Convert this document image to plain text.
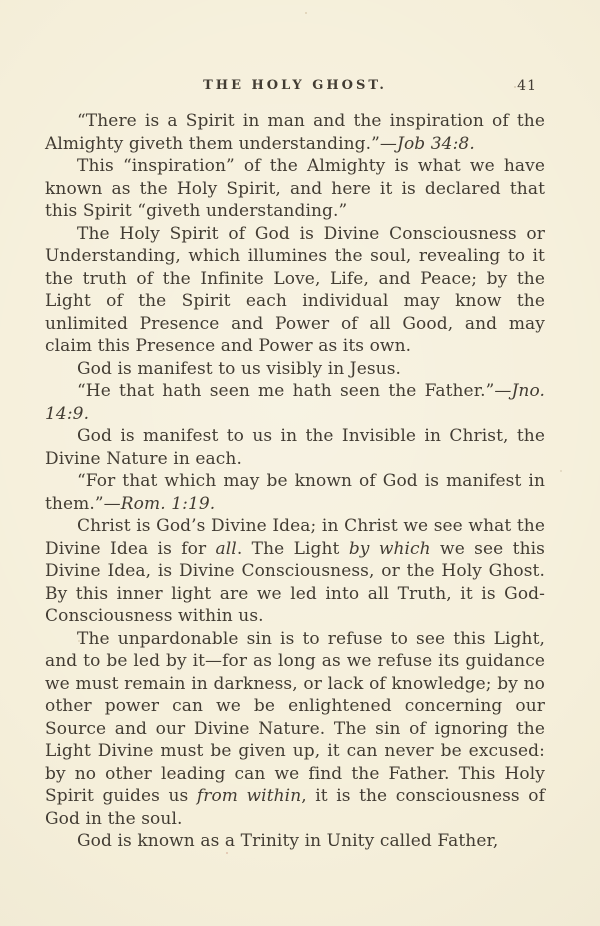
THE HOLY GHOST.	41

“There is a Spirit in man and the inspiration of the Almighty giveth them understanding.”—Job 34:8.

This “inspiration” of the Almighty is what we have known as the Holy Spirit, and here it is declared that this Spirit “giveth understanding.”

The Holy Spirit of God is Divine Consciousness or Understanding, which illumines the soul, revealing to it the truth of the Infinite Love, Life, and Peace; by the Light of the Spirit each individual may know the unlimited Presence and Power of all Good, and may claim this Presence and Power as its own.

God is manifest to us visibly in Jesus.

“He that hath seen me hath seen the Father.”—Jno. 14:9.

God is manifest to us in the Invisible in Christ, the Divine Nature in each.

“For that which may be known of God is manifest in them.”—Rom. 1:19.

Christ is God’s Divine Idea; in Christ we see what the Divine Idea is for all. The Light by which we see this Divine Idea, is Divine Consciousness, or the Holy Ghost. By this inner light are we led into all Truth, it is God-Consciousness within us.

The unpardonable sin is to refuse to see this Light, and to be led by it—for as long as we refuse its guidance we must remain in darkness, or lack of knowledge; by no other power can we be enlightened concerning our Source and our Divine Nature. The sin of ignoring the Light Divine must be given up, it can never be excused: by no other leading can we find the Father. This Holy Spirit guides us from within, it is the consciousness of God in the soul.

God is known as a Trinity in Unity called Father,
